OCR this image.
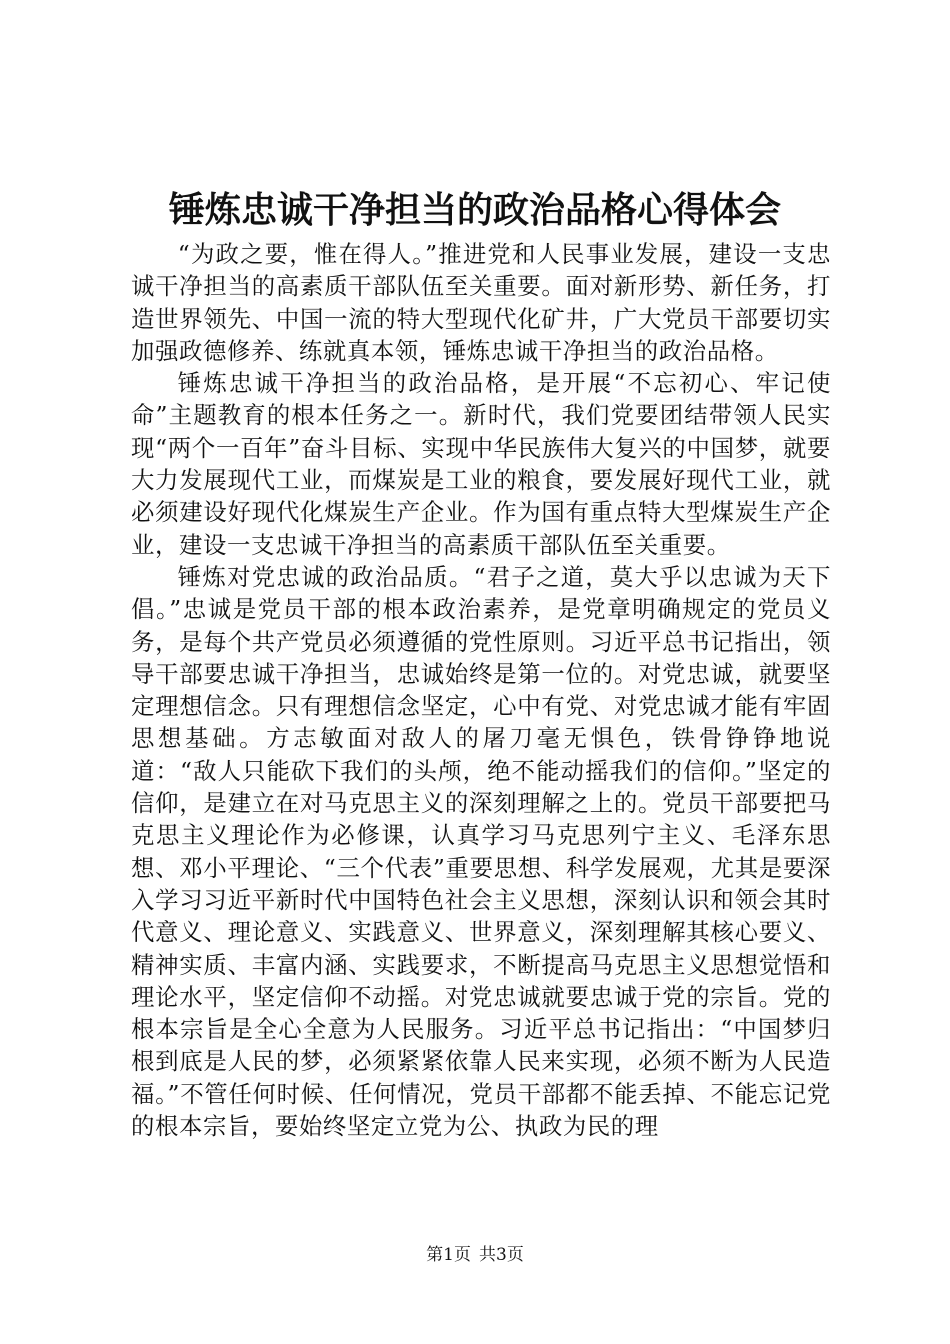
锤炼忠诚干净担当的政治品格心得体会

“为政之要，惟在得人。”推进党和人民事业发展，建设一支忠诚干净担当的高素质干部队伍至关重要。面对新形势、新任务，打造世界领先、中国一流的特大型现代化矿井，广大党员干部要切实加强政德修养、练就真本领，锤炼忠诚干净担当的政治品格。

锤炼忠诚干净担当的政治品格，是开展“不忘初心、牢记使命”主题教育的根本任务之一。新时代，我们党要团结带领人民实现“两个一百年”奋斗目标、实现中华民族伟大复兴的中国梦，就要大力发展现代工业，而煤炭是工业的粮食，要发展好现代工业，就必须建设好现代化煤炭生产企业。作为国有重点特大型煤炭生产企业，建设一支忠诚干净担当的高素质干部队伍至关重要。

锤炼对党忠诚的政治品质。“君子之道，莫大乎以忠诚为天下倡。”忠诚是党员干部的根本政治素养，是党章明确规定的党员义务，是每个共产党员必须遵循的党性原则。习近平总书记指出，领导干部要忠诚干净担当，忠诚始终是第一位的。对党忠诚，就要坚定理想信念。只有理想信念坚定，心中有党、对党忠诚才能有牢固思想基础。方志敏面对敌人的屠刀毫无惧色，铁骨铮铮地说道：“敌人只能砍下我们的头颅，绝不能动摇我们的信仰。”坚定的信仰，是建立在对马克思主义的深刻理解之上的。党员干部要把马克思主义理论作为必修课，认真学习马克思列宁主义、毛泽东思想、邓小平理论、“三个代表”重要思想、科学发展观，尤其是要深入学习习近平新时代中国特色社会主义思想，深刻认识和领会其时代意义、理论意义、实践意义、世界意义，深刻理解其核心要义、精神实质、丰富内涵、实践要求，不断提高马克思主义思想觉悟和理论水平，坚定信仰不动摇。对党忠诚就要忠诚于党的宗旨。党的根本宗旨是全心全意为人民服务。习近平总书记指出：“中国梦归根到底是人民的梦，必须紧紧依靠人民来实现，必须不断为人民造福。”不管任何时候、任何情况，党员干部都不能丢掉、不能忘记党的根本宗旨，要始终坚定立党为公、执政为民的理

第1页 共3页
